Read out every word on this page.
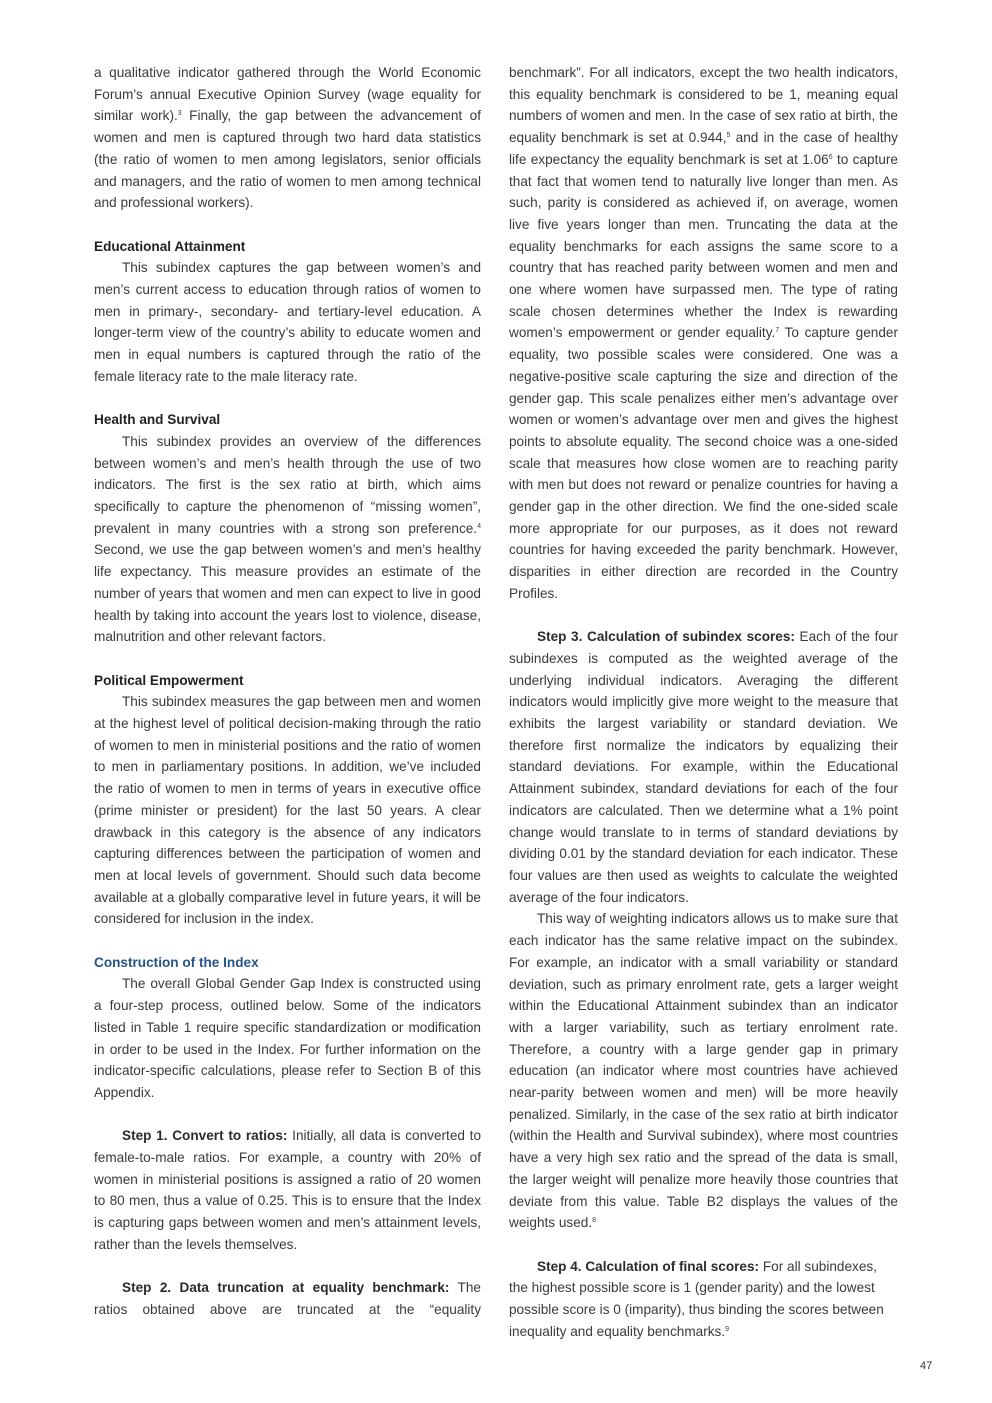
a qualitative indicator gathered through the World Economic Forum’s annual Executive Opinion Survey (wage equality for similar work).$^3$ Finally, the gap between the advancement of women and men is captured through two hard data statistics (the ratio of women to men among legislators, senior officials and managers, and the ratio of women to men among technical and professional workers).

Educational Attainment

This subindex captures the gap between women’s and men’s current access to education through ratios of women to men in primary-, secondary- and tertiary-level education. A longer-term view of the country’s ability to educate women and men in equal numbers is captured through the ratio of the female literacy rate to the male literacy rate.

Health and Survival

This subindex provides an overview of the differences between women’s and men’s health through the use of two indicators. The first is the sex ratio at birth, which aims specifically to capture the phenomenon of “missing women”, prevalent in many countries with a strong son preference.$^4$ Second, we use the gap between women’s and men’s healthy life expectancy. This measure provides an estimate of the number of years that women and men can expect to live in good health by taking into account the years lost to violence, disease, malnutrition and other relevant factors.

Political Empowerment

This subindex measures the gap between men and women at the highest level of political decision-making through the ratio of women to men in ministerial positions and the ratio of women to men in parliamentary positions. In addition, we’ve included the ratio of women to men in terms of years in executive office (prime minister or president) for the last 50 years. A clear drawback in this category is the absence of any indicators capturing differences between the participation of women and men at local levels of government. Should such data become available at a globally comparative level in future years, it will be considered for inclusion in the index.

Construction of the Index

The overall Global Gender Gap Index is constructed using a four-step process, outlined below. Some of the indicators listed in Table 1 require specific standardization or modification in order to be used in the Index. For further information on the indicator-specific calculations, please refer to Section B of this Appendix.

Step 1. Convert to ratios: Initially, all data is converted to female-to-male ratios. For example, a country with 20% of women in ministerial positions is assigned a ratio of 20 women to 80 men, thus a value of 0.25. This is to ensure that the Index is capturing gaps between women and men’s attainment levels, rather than the levels themselves.

Step 2. Data truncation at equality benchmark: The ratios obtained above are truncated at the “equality

benchmark”. For all indicators, except the two health indicators, this equality benchmark is considered to be 1, meaning equal numbers of women and men. In the case of sex ratio at birth, the equality benchmark is set at 0.944,$^5$ and in the case of healthy life expectancy the equality benchmark is set at 1.06$^6$ to capture that fact that women tend to naturally live longer than men. As such, parity is considered as achieved if, on average, women live five years longer than men. Truncating the data at the equality benchmarks for each assigns the same score to a country that has reached parity between women and men and one where women have surpassed men. The type of rating scale chosen determines whether the Index is rewarding women’s empowerment or gender equality.$^7$ To capture gender equality, two possible scales were considered. One was a negative-positive scale capturing the size and direction of the gender gap. This scale penalizes either men’s advantage over women or women’s advantage over men and gives the highest points to absolute equality. The second choice was a one-sided scale that measures how close women are to reaching parity with men but does not reward or penalize countries for having a gender gap in the other direction. We find the one-sided scale more appropriate for our purposes, as it does not reward countries for having exceeded the parity benchmark. However, disparities in either direction are recorded in the Country Profiles.

Step 3. Calculation of subindex scores: Each of the four subindexes is computed as the weighted average of the underlying individual indicators. Averaging the different indicators would implicitly give more weight to the measure that exhibits the largest variability or standard deviation. We therefore first normalize the indicators by equalizing their standard deviations. For example, within the Educational Attainment subindex, standard deviations for each of the four indicators are calculated. Then we determine what a 1% point change would translate to in terms of standard deviations by dividing 0.01 by the standard deviation for each indicator. These four values are then used as weights to calculate the weighted average of the four indicators.

This way of weighting indicators allows us to make sure that each indicator has the same relative impact on the subindex. For example, an indicator with a small variability or standard deviation, such as primary enrolment rate, gets a larger weight within the Educational Attainment subindex than an indicator with a larger variability, such as tertiary enrolment rate. Therefore, a country with a large gender gap in primary education (an indicator where most countries have achieved near-parity between women and men) will be more heavily penalized. Similarly, in the case of the sex ratio at birth indicator (within the Health and Survival subindex), where most countries have a very high sex ratio and the spread of the data is small, the larger weight will penalize more heavily those countries that deviate from this value. Table B2 displays the values of the weights used.$^8$

Step 4. Calculation of final scores: For all subindexes, the highest possible score is 1 (gender parity) and the lowest possible score is 0 (imparity), thus binding the scores between inequality and equality benchmarks.$^9$

47
